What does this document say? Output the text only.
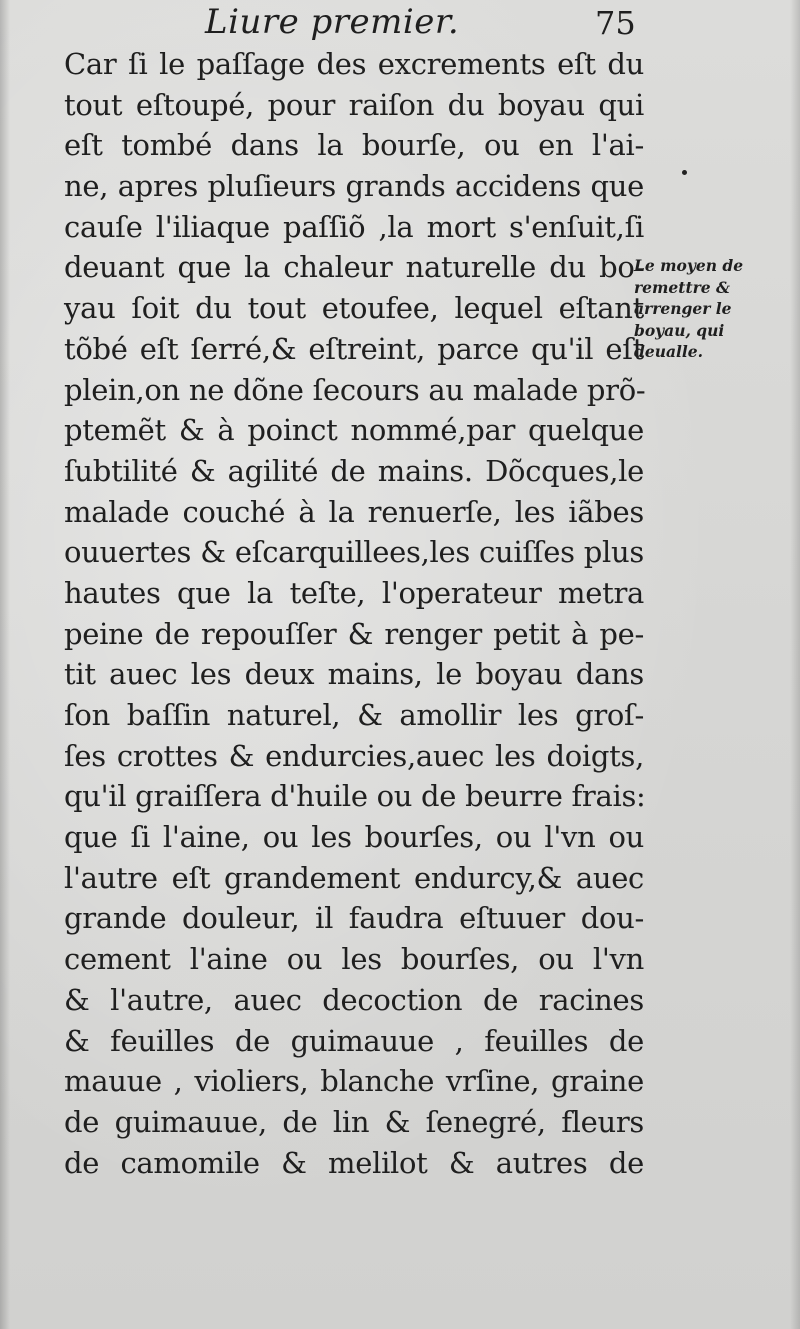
Liure premier.	75
Car ſi le paſſage des excrements eſt du
tout eſtoupé, pour raiſon du boyau qui
eſt tombé dans la bourſe, ou en l'ai-
ne, apres pluſieurs grands accidens que
cauſe l'iliaque paſſiõ ,la mort s'enſuit,ſi
deuant que la chaleur naturelle du bo-
yau ſoit du tout etoufee, lequel eſtant
tõbé eſt ſerré,& eſtreint, parce qu'il eſt
plein,on ne dõne ſecours au malade prõ-
ptemẽt & à poinct nommé,par quelque
ſubtilité & agilité de mains. Dõcques,le
malade couché à la renuerſe, les iãbes
ouuertes & eſcarquillees,les cuiſſes plus
hautes que la teſte, l'operateur metra
peine de repouſſer & renger petit à pe-
tit auec les deux mains, le boyau dans
ſon baſſin naturel, & amollir les groſ-
ſes crottes & endurcies,auec les doigts,
qu'il graiſſera d'huile ou de beurre frais:
que ſi l'aine, ou les bourſes, ou l'vn ou
l'autre eſt grandement endurcy,& auec
grande douleur, il faudra eſtuuer dou-
cement l'aine ou les bourſes, ou l'vn
& l'autre, auec decoction de racines
& feuilles de guimauue , feuilles de
mauue , violiers, blanche vrſine, graine
de guimauue, de lin & ſenegré, fleurs
de camomile & melilot & autres de
Le moyen de
remettre &
arrenger le
boyau, qui
deualle.
